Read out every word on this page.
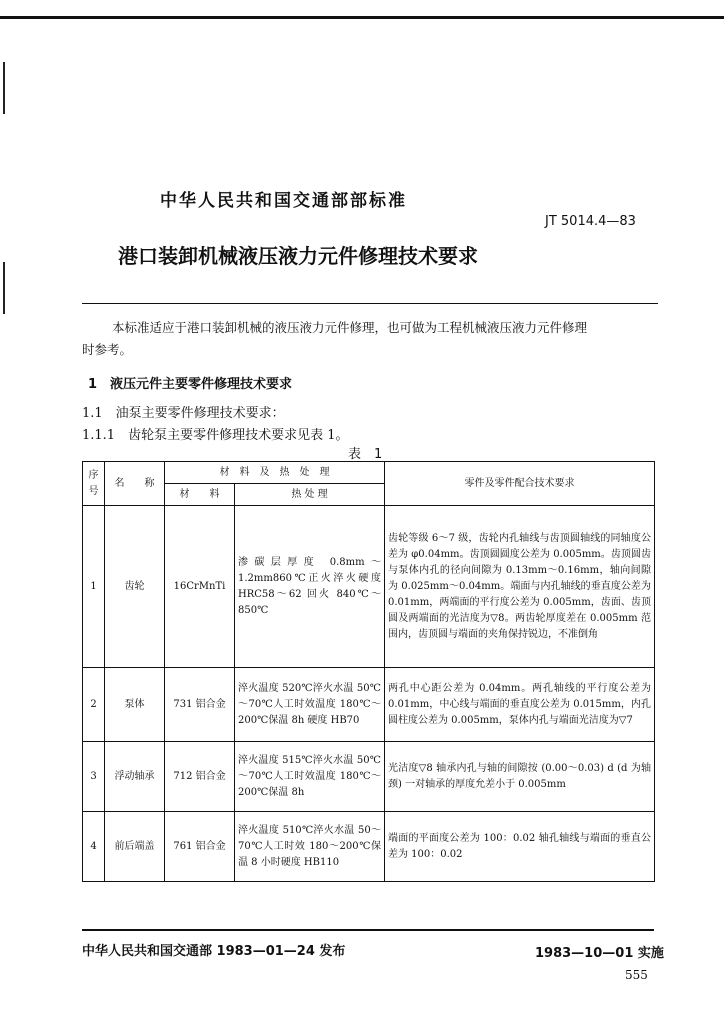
中华人民共和国交通部部标准
JT 5014.4—83
港口装卸机械液压液力元件修理技术要求
本标准适应于港口装卸机械的液压液力元件修理，也可做为工程机械液压液力元件修理
时参考。
1　液压元件主要零件修理技术要求
1.1　油泵主要零件修理技术要求：
1.1.1　齿轮泵主要零件修理技术要求见表 1。
表　1
序号	名　　称	材　料　及　热　处　理		零件及零件配合技术要求
		材　　料	热 处 理	
1	齿轮	16CrMnTi	渗碳层厚度 0.8mm～1.2mm860℃正火淬火硬度 HRC58～62 回火 840℃～850℃	齿轮等级 6～7 级，齿轮内孔轴线与齿顶圆轴线的同轴度公差为 φ0.04mm。齿顶圆圆度公差为 0.005mm。齿顶圆齿与泵体内孔的径向间隙为 0.13mm～0.16mm，轴向间隙为 0.025mm～0.04mm。端面与内孔轴线的垂直度公差为 0.01mm，两端面的平行度公差为 0.005mm，齿面、齿顶圆及两端面的光洁度为▽8。两齿轮厚度差在 0.005mm 范围内，齿顶圆与端面的夹角保持锐边，不准倒角
2	泵体	731 铝合金	淬火温度 520℃淬火水温 50℃～70℃人工时效温度 180℃～200℃保温 8h 硬度 HB70	两孔中心距公差为 0.04mm。两孔轴线的平行度公差为 0.01mm，中心线与端面的垂直度公差为 0.015mm，内孔圆柱度公差为 0.005mm，泵体内孔与端面光洁度为▽7
3	浮动轴承	712 铝合金	淬火温度 515℃淬火水温 50℃～70℃人工时效温度 180℃～200℃保温 8h	光洁度▽8 轴承内孔与轴的间隙按 (0.00～0.03) d (d 为轴颈) 一对轴承的厚度允差小于 0.005mm
4	前后端盖	761 铝合金	淬火温度 510℃淬火水温 50～70℃人工时效 180～200℃保温 8 小时硬度 HB110	端面的平面度公差为 100：0.02 轴孔轴线与端面的垂直公差为 100：0.02
中华人民共和国交通部 1983—01—24 发布	1983—10—01 实施
555
